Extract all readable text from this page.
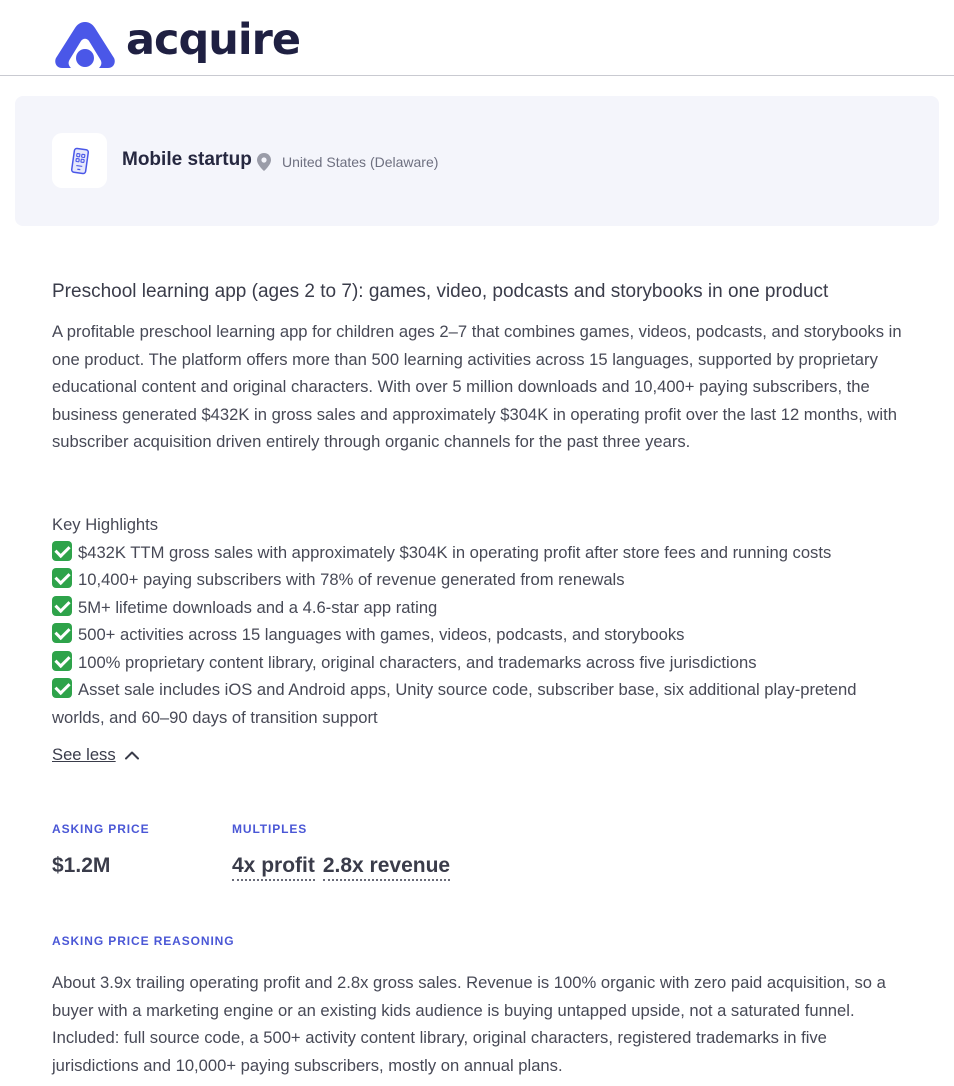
acquire
Mobile startup United States (Delaware)
Preschool learning app (ages 2 to 7): games, video, podcasts and storybooks in one product
A profitable preschool learning app for children ages 2–7 that combines games, videos, podcasts, and storybooks in one product. The platform offers more than 500 learning activities across 15 languages, supported by proprietary educational content and original characters. With over 5 million downloads and 10,400+ paying subscribers, the business generated $432K in gross sales and approximately $304K in operating profit over the last 12 months, with subscriber acquisition driven entirely through organic channels for the past three years.
Key Highlights
$432K TTM gross sales with approximately $304K in operating profit after store fees and running costs
10,400+ paying subscribers with 78% of revenue generated from renewals
5M+ lifetime downloads and a 4.6-star app rating
500+ activities across 15 languages with games, videos, podcasts, and storybooks
100% proprietary content library, original characters, and trademarks across five jurisdictions
Asset sale includes iOS and Android apps, Unity source code, subscriber base, six additional play-pretend worlds, and 60–90 days of transition support
See less
ASKING PRICE
$1.2M
MULTIPLES
4x profit 2.8x revenue
ASKING PRICE REASONING
About 3.9x trailing operating profit and 2.8x gross sales. Revenue is 100% organic with zero paid acquisition, so a buyer with a marketing engine or an existing kids audience is buying untapped upside, not a saturated funnel. Included: full source code, a 500+ activity content library, original characters, registered trademarks in five jurisdictions and 10,000+ paying subscribers, mostly on annual plans.
